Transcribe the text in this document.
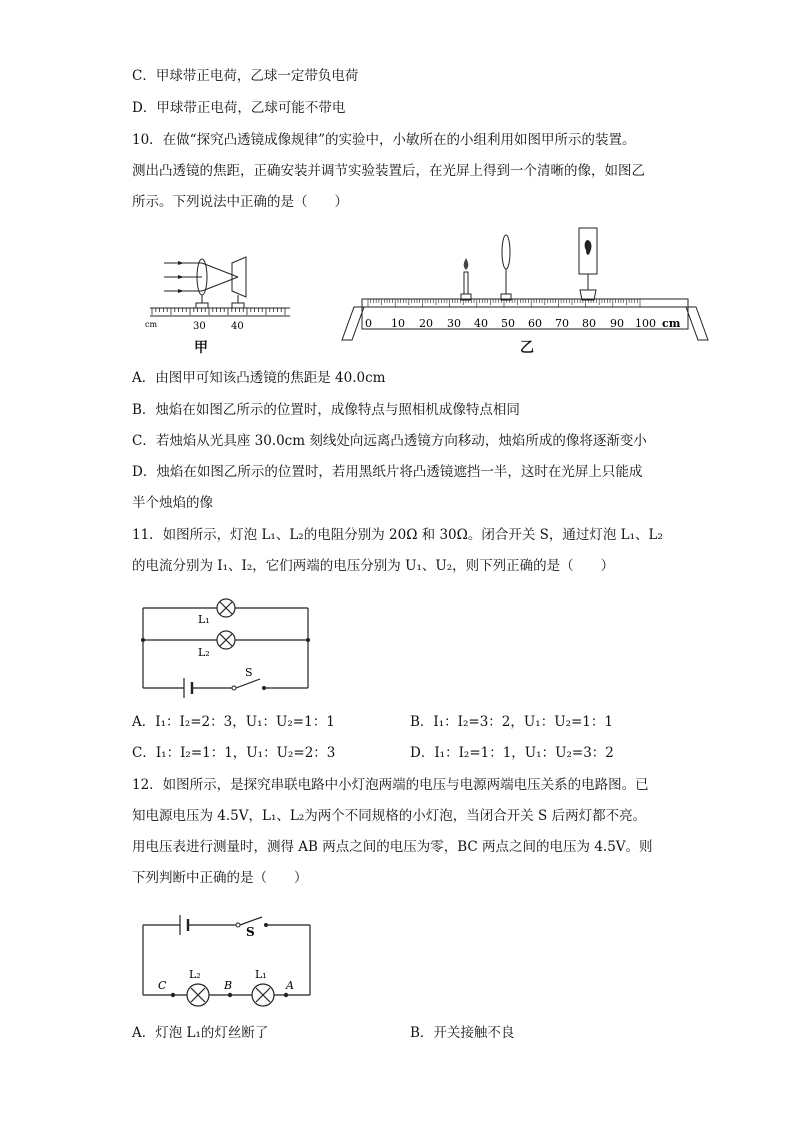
C．甲球带正电荷，乙球一定带负电荷
D．甲球带正电荷，乙球可能不带电
10．在做“探究凸透镜成像规律”的实验中，小敏所在的小组利用如图甲所示的装置。
测出凸透镜的焦距，正确安装并调节实验装置后，在光屏上得到一个清晰的像，如图乙
所示。下列说法中正确的是（　　）
cm	30	40
甲
0 10 20 30 40 50 60 70 80 90 100 cm
乙
A．由图甲可知该凸透镜的焦距是 40.0cm
B．烛焰在如图乙所示的位置时，成像特点与照相机成像特点相同
C．若烛焰从光具座 30.0cm 刻线处向远离凸透镜方向移动，烛焰所成的像将逐渐变小
D．烛焰在如图乙所示的位置时，若用黑纸片将凸透镜遮挡一半，这时在光屏上只能成
半个烛焰的像
11．如图所示，灯泡 L₁、L₂的电阻分别为 20Ω 和 30Ω。闭合开关 S，通过灯泡 L₁、L₂
的电流分别为 I₁、I₂，它们两端的电压分别为 U₁、U₂，则下列正确的是（　　）
L₁
L₂
S
A．I₁：I₂=2：3，U₁：U₂=1：1	B．I₁：I₂=3：2，U₁：U₂=1：1
C．I₁：I₂=1：1，U₁：U₂=2：3	D．I₁：I₂=1：1，U₁：U₂=3：2
12．如图所示，是探究串联电路中小灯泡两端的电压与电源两端电压关系的电路图。已
知电源电压为 4.5V，L₁、L₂为两个不同规格的小灯泡，当闭合开关 S 后两灯都不亮。
用电压表进行测量时，测得 AB 两点之间的电压为零，BC 两点之间的电压为 4.5V。则
下列判断中正确的是（　　）
S
L₂	L₁
C	B	A
A．灯泡 L₁的灯丝断了	B．开关接触不良
